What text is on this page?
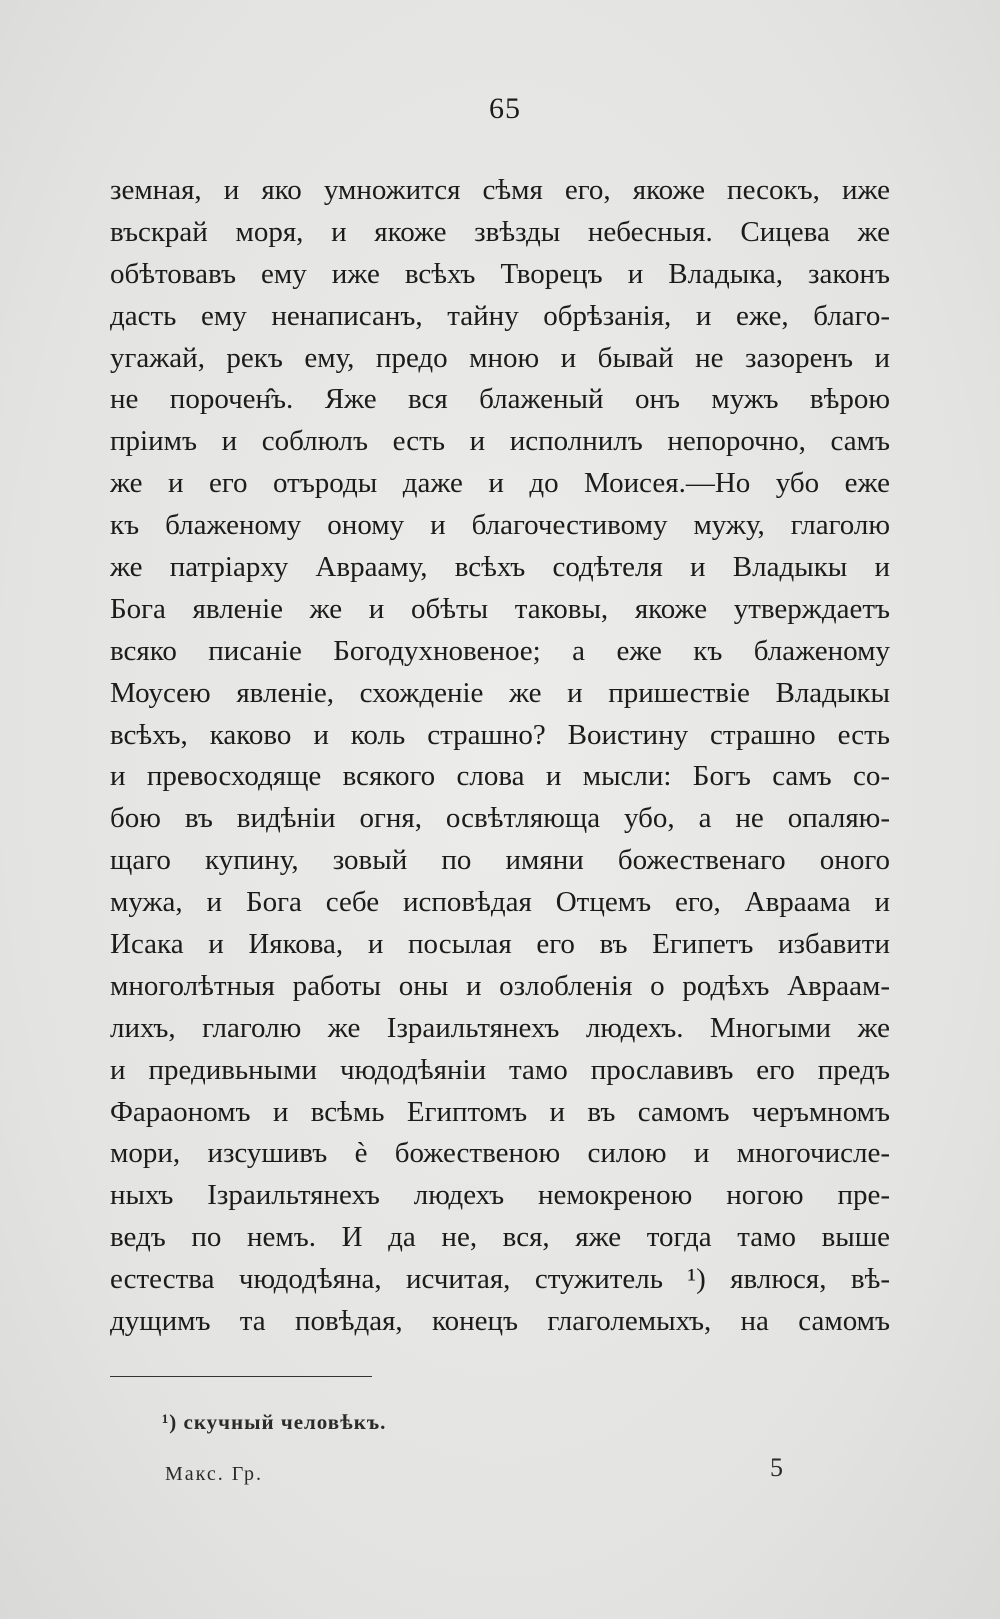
65
земная, и яко умножится сѣмя его, якоже песокъ, иже
въскрай моря, и якоже звѣзды небесныя. Сицева же
обѣтовавъ ему иже всѣхъ Творецъ и Владыка, законъ
дасть ему ненаписанъ, тайну обрѣзанія, и еже, благо-
угажай, рекъ ему, предо мною и бывай не зазоренъ и
не порочен̂ъ. Яже вся блаженый онъ мужъ вѣрою
пріимъ и соблюлъ есть и исполнилъ непорочно, самъ
же и его отъроды даже и до Моисея.—Но убо еже
къ блаженому оному и благочестивому мужу, глаголю
же патріарху Аврааму, всѣхъ содѣтеля и Владыкы и
Бога явленіе же и обѣты таковы, якоже утверждаетъ
всяко писаніе Богодухновеное; а еже къ блаженому
Моусею явленіе, схожденіе же и пришествіе Владыкы
всѣхъ, каково и коль страшно? Воистину страшно есть
и превосходяще всякого слова и мысли: Богъ самъ со-
бою въ видѣніи огня, освѣтляюща убо, а не опаляю-
щаго купину, зовый по имяни божественаго оного
мужа, и Бога себе исповѣдая Отцемъ его, Авраама и
Исака и Иякова, и посылая его въ Египетъ избавити
многолѣтныя работы оны и озлобленія о родѣхъ Авраам-
лихъ, глаголю же Ізраильтянехъ людехъ. Многыми же
и предивьными чюдодѣяніи тамо прославивъ его предъ
Фараономъ и всѣмь Египтомъ и въ самомъ черъмномъ
мори, изсушивъ ѐ божественою силою и многочисле-
ныхъ Ізраильтянехъ людехъ немокреною ногою пре-
ведъ по немъ. И да не, вся, яже тогда тамо выше
естества чюдодѣяна, исчитая, стужитель ¹) явлюся, вѣ-
дущимъ та повѣдая, конецъ глаголемыхъ, на самомъ
¹) скучный человѣкъ.
Макс. Гр.	5
